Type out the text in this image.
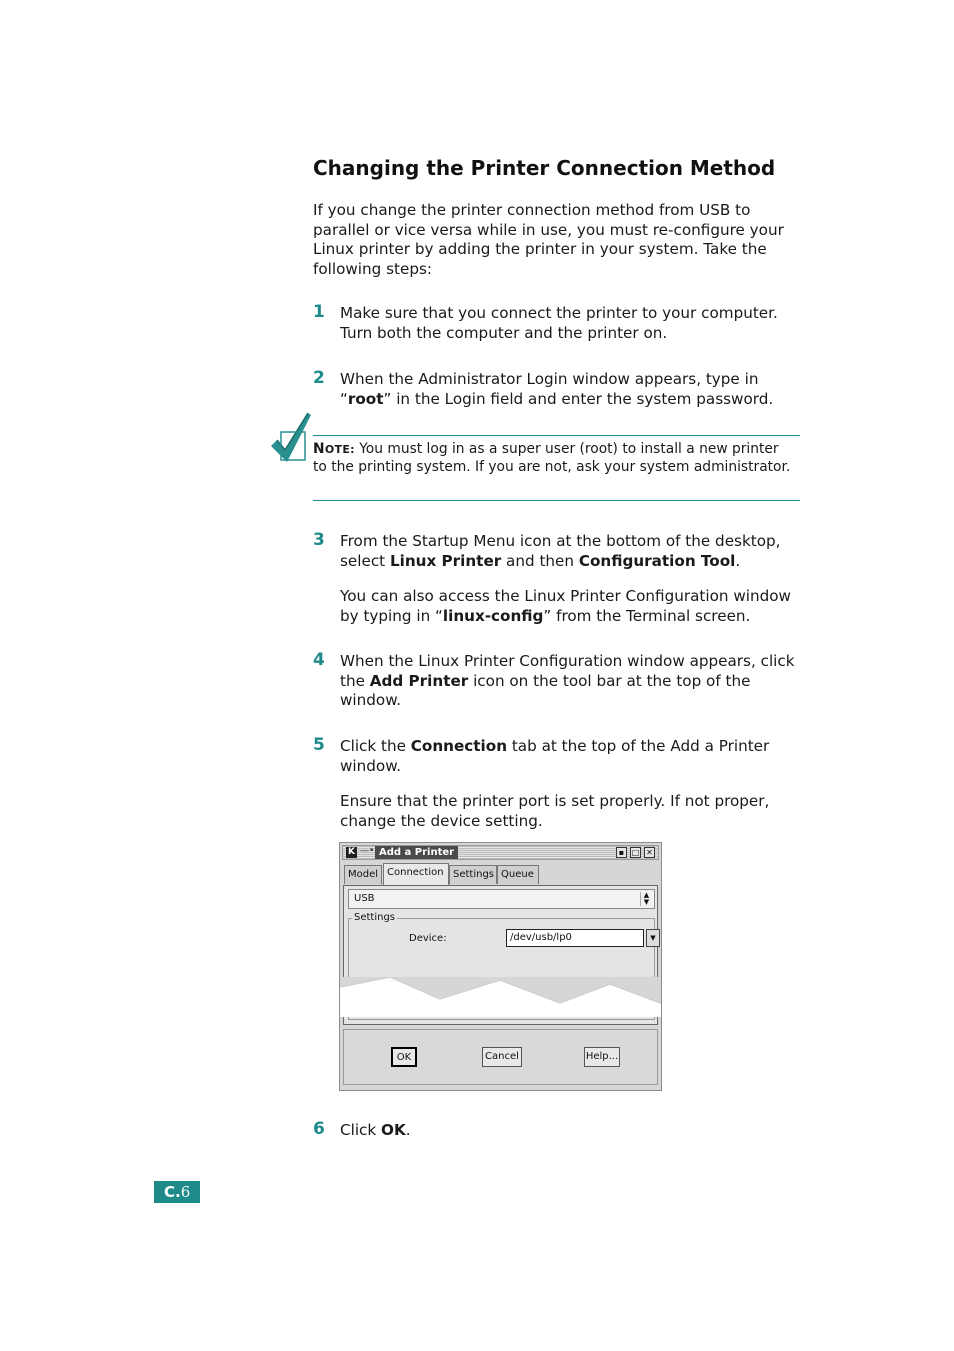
Changing the Printer Connection Method
If you change the printer connection method from USB to parallel or vice versa while in use, you must re-configure your Linux printer by adding the printer in your system. Take the following steps:
1 Make sure that you connect the printer to your computer. Turn both the computer and the printer on.
2 When the Administrator Login window appears, type in “root” in the Login field and enter the system password.
NOTE: You must log in as a super user (root) to install a new printer to the printing system. If you are not, ask your system administrator.
3 From the Startup Menu icon at the bottom of the desktop, select Linux Printer and then Configuration Tool.
You can also access the Linux Printer Configuration window by typing in “linux-config” from the Terminal screen.
4 When the Linux Printer Configuration window appears, click the Add Printer icon on the tool bar at the top of the window.
5 Click the Connection tab at the top of the Add a Printer window.
Ensure that the printer port is set properly. If not proper, change the device setting.
K —• Add a Printer	▪ □ ✕
Model Connection Settings Queue
USB	▲
▼
Settings
Device:	/dev/usb/lp0	▼
OK	Cancel	Help...
6 Click OK.
C.6
